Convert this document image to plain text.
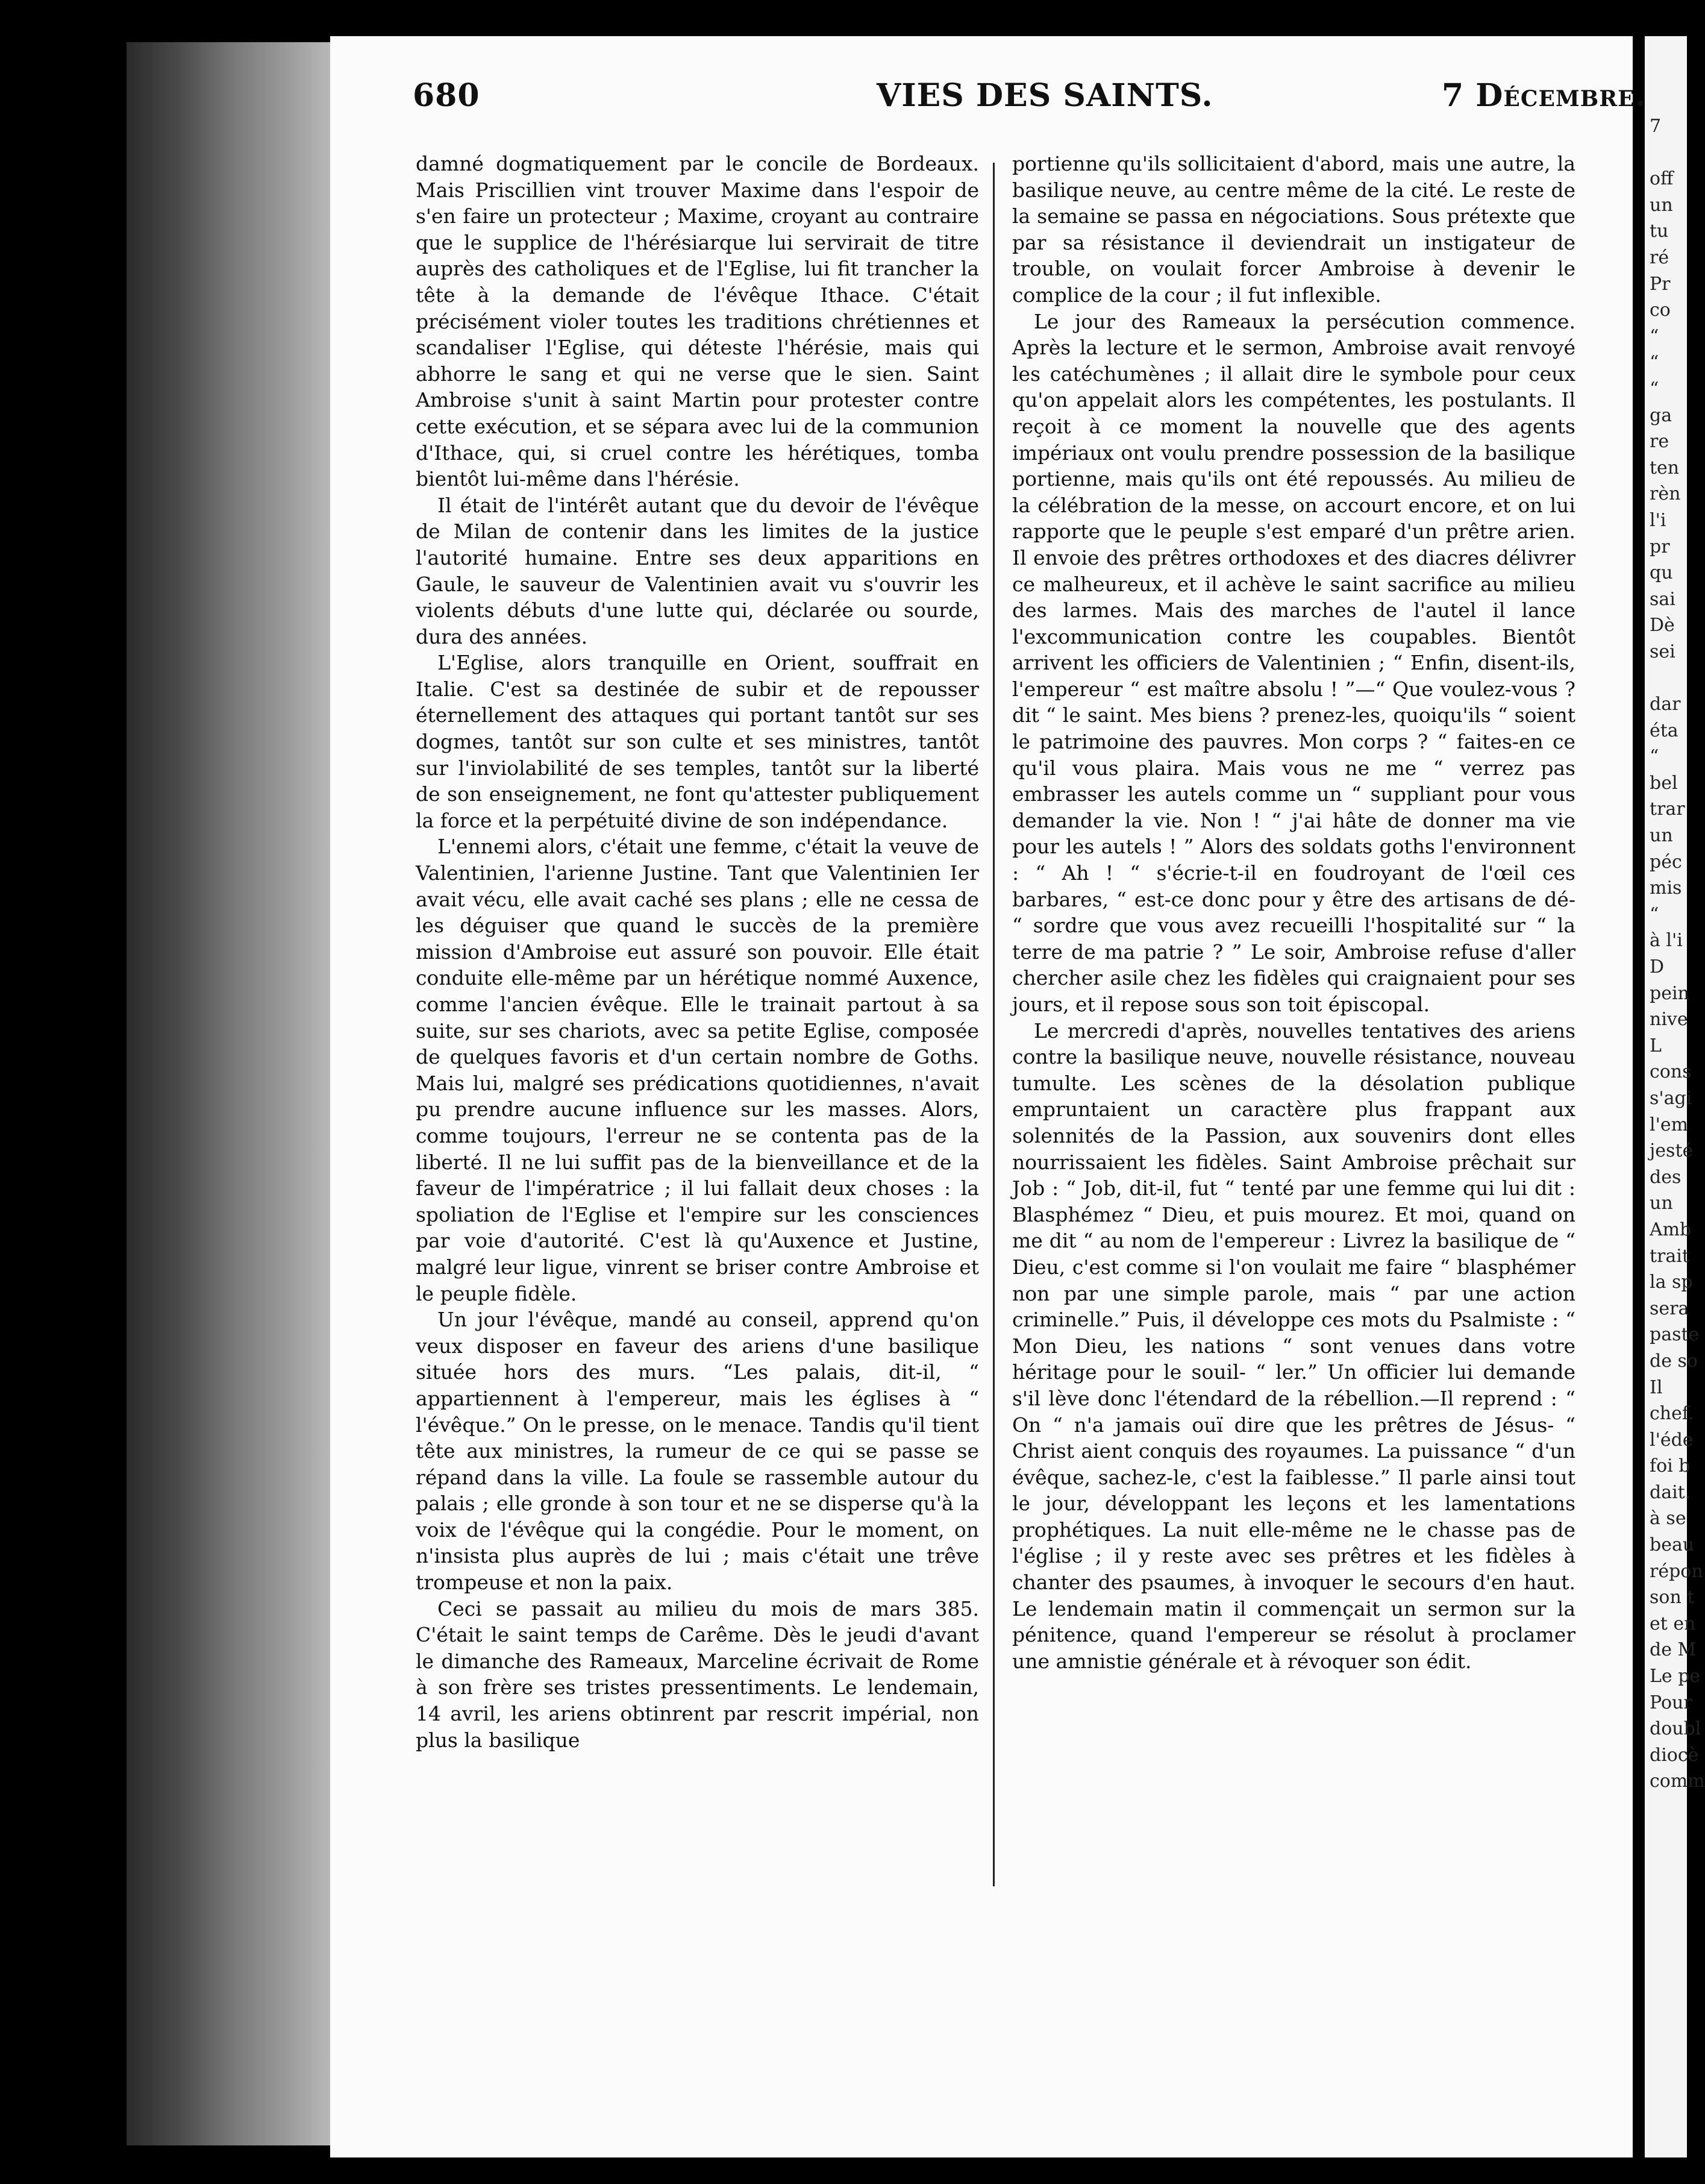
7

off
un
tu
ré
Pr
co
“
“
“
ga
re
ten
rèn
l'i
pr
qu
sai
Dè
sei

dar
éta
“
bel
trar
un
péc
mis
“
à l'i
D
pein
nive
L
cons
s'agi
l'em
jesté
des
un
Amb
trait
la sp
sera
paste
de so
Il
chef.
l'éde
foi b
dait.
à se
beau
répon
son t
et en
de M
Le pe
Pour
doubl
diocè
comm
680	VIES DES SAINTS.	7 Décembre.

damné dogmatiquement par le concile de Bordeaux. Mais Priscillien vint trouver Maxime dans l'espoir de s'en faire un protecteur ; Maxime, croyant au contraire que le supplice de l'hérésiarque lui servirait de titre auprès des catholiques et de l'Eglise, lui fit trancher la tête à la demande de l'évêque Ithace. C'était précisément violer toutes les traditions chrétiennes et scandaliser l'Eglise, qui déteste l'hérésie, mais qui abhorre le sang et qui ne verse que le sien. Saint Ambroise s'unit à saint Martin pour protester contre cette exécution, et se sépara avec lui de la communion d'Ithace, qui, si cruel contre les hérétiques, tomba bientôt lui-même dans l'hérésie.

Il était de l'intérêt autant que du devoir de l'évêque de Milan de contenir dans les limites de la justice l'autorité humaine. Entre ses deux apparitions en Gaule, le sauveur de Valentinien avait vu s'ouvrir les violents débuts d'une lutte qui, déclarée ou sourde, dura des années.

L'Eglise, alors tranquille en Orient, souffrait en Italie. C'est sa destinée de subir et de repousser éternellement des attaques qui portant tantôt sur ses dogmes, tantôt sur son culte et ses ministres, tantôt sur l'inviolabilité de ses temples, tantôt sur la liberté de son enseignement, ne font qu'attester publiquement la force et la perpétuité divine de son indépendance.

L'ennemi alors, c'était une femme, c'était la veuve de Valentinien, l'arienne Justine. Tant que Valentinien Ier avait vécu, elle avait caché ses plans ; elle ne cessa de les déguiser que quand le succès de la première mission d'Ambroise eut assuré son pouvoir. Elle était conduite elle-même par un hérétique nommé Auxence, comme l'ancien évêque. Elle le trainait partout à sa suite, sur ses chariots, avec sa petite Eglise, composée de quelques favoris et d'un certain nombre de Goths. Mais lui, malgré ses prédications quotidiennes, n'avait pu prendre aucune influence sur les masses. Alors, comme toujours, l'erreur ne se contenta pas de la liberté. Il ne lui suffit pas de la bienveillance et de la faveur de l'impératrice ; il lui fallait deux choses : la spoliation de l'Eglise et l'empire sur les consciences par voie d'autorité. C'est là qu'Auxence et Justine, malgré leur ligue, vinrent se briser contre Ambroise et le peuple fidèle.

Un jour l'évêque, mandé au conseil, apprend qu'on veux disposer en faveur des ariens d'une basilique située hors des murs. “Les palais, dit-il, “ appartiennent à l'empereur, mais les églises à “ l'évêque.” On le presse, on le menace. Tandis qu'il tient tête aux ministres, la rumeur de ce qui se passe se répand dans la ville. La foule se rassemble autour du palais ; elle gronde à son tour et ne se disperse qu'à la voix de l'évêque qui la congédie. Pour le moment, on n'insista plus auprès de lui ; mais c'était une trêve trompeuse et non la paix.

Ceci se passait au milieu du mois de mars 385. C'était le saint temps de Carême. Dès le jeudi d'avant le dimanche des Rameaux, Marceline écrivait de Rome à son frère ses tristes pressentiments. Le lendemain, 14 avril, les ariens obtinrent par rescrit impérial, non plus la basilique

portienne qu'ils sollicitaient d'abord, mais une autre, la basilique neuve, au centre même de la cité. Le reste de la semaine se passa en négociations. Sous prétexte que par sa résistance il deviendrait un instigateur de trouble, on voulait forcer Ambroise à devenir le complice de la cour ; il fut inflexible.

Le jour des Rameaux la persécution commence. Après la lecture et le sermon, Ambroise avait renvoyé les catéchumènes ; il allait dire le symbole pour ceux qu'on appelait alors les compétentes, les postulants. Il reçoit à ce moment la nouvelle que des agents impériaux ont voulu prendre possession de la basilique portienne, mais qu'ils ont été repoussés. Au milieu de la célébration de la messe, on accourt encore, et on lui rapporte que le peuple s'est emparé d'un prêtre arien. Il envoie des prêtres orthodoxes et des diacres délivrer ce malheureux, et il achève le saint sacrifice au milieu des larmes. Mais des marches de l'autel il lance l'excommunication contre les coupables. Bientôt arrivent les officiers de Valentinien ; “ Enfin, disent-ils, l'empereur “ est maître absolu ! ”—“ Que voulez-vous ? dit “ le saint. Mes biens ? prenez-les, quoiqu'ils “ soient le patrimoine des pauvres. Mon corps ? “ faites-en ce qu'il vous plaira. Mais vous ne me “ verrez pas embrasser les autels comme un “ suppliant pour vous demander la vie. Non ! “ j'ai hâte de donner ma vie pour les autels ! ” Alors des soldats goths l'environnent : “ Ah ! “ s'écrie-t-il en foudroyant de l'œil ces barbares, “ est-ce donc pour y être des artisans de dé- “ sordre que vous avez recueilli l'hospitalité sur “ la terre de ma patrie ? ” Le soir, Ambroise refuse d'aller chercher asile chez les fidèles qui craignaient pour ses jours, et il repose sous son toit épiscopal.

Le mercredi d'après, nouvelles tentatives des ariens contre la basilique neuve, nouvelle résistance, nouveau tumulte. Les scènes de la désolation publique empruntaient un caractère plus frappant aux solennités de la Passion, aux souvenirs dont elles nourrissaient les fidèles. Saint Ambroise prêchait sur Job : “ Job, dit-il, fut “ tenté par une femme qui lui dit : Blasphémez “ Dieu, et puis mourez. Et moi, quand on me dit “ au nom de l'empereur : Livrez la basilique de “ Dieu, c'est comme si l'on voulait me faire “ blasphémer non par une simple parole, mais “ par une action criminelle.” Puis, il développe ces mots du Psalmiste : “ Mon Dieu, les nations “ sont venues dans votre héritage pour le souil- “ ler.” Un officier lui demande s'il lève donc l'étendard de la rébellion.—Il reprend : “ On “ n'a jamais ouï dire que les prêtres de Jésus- “ Christ aient conquis des royaumes. La puissance “ d'un évêque, sachez-le, c'est la faiblesse.” Il parle ainsi tout le jour, développant les leçons et les lamentations prophétiques. La nuit elle-même ne le chasse pas de l'église ; il y reste avec ses prêtres et les fidèles à chanter des psaumes, à invoquer le secours d'en haut. Le lendemain matin il commençait un sermon sur la pénitence, quand l'empereur se résolut à proclamer une amnistie générale et à révoquer son édit.
